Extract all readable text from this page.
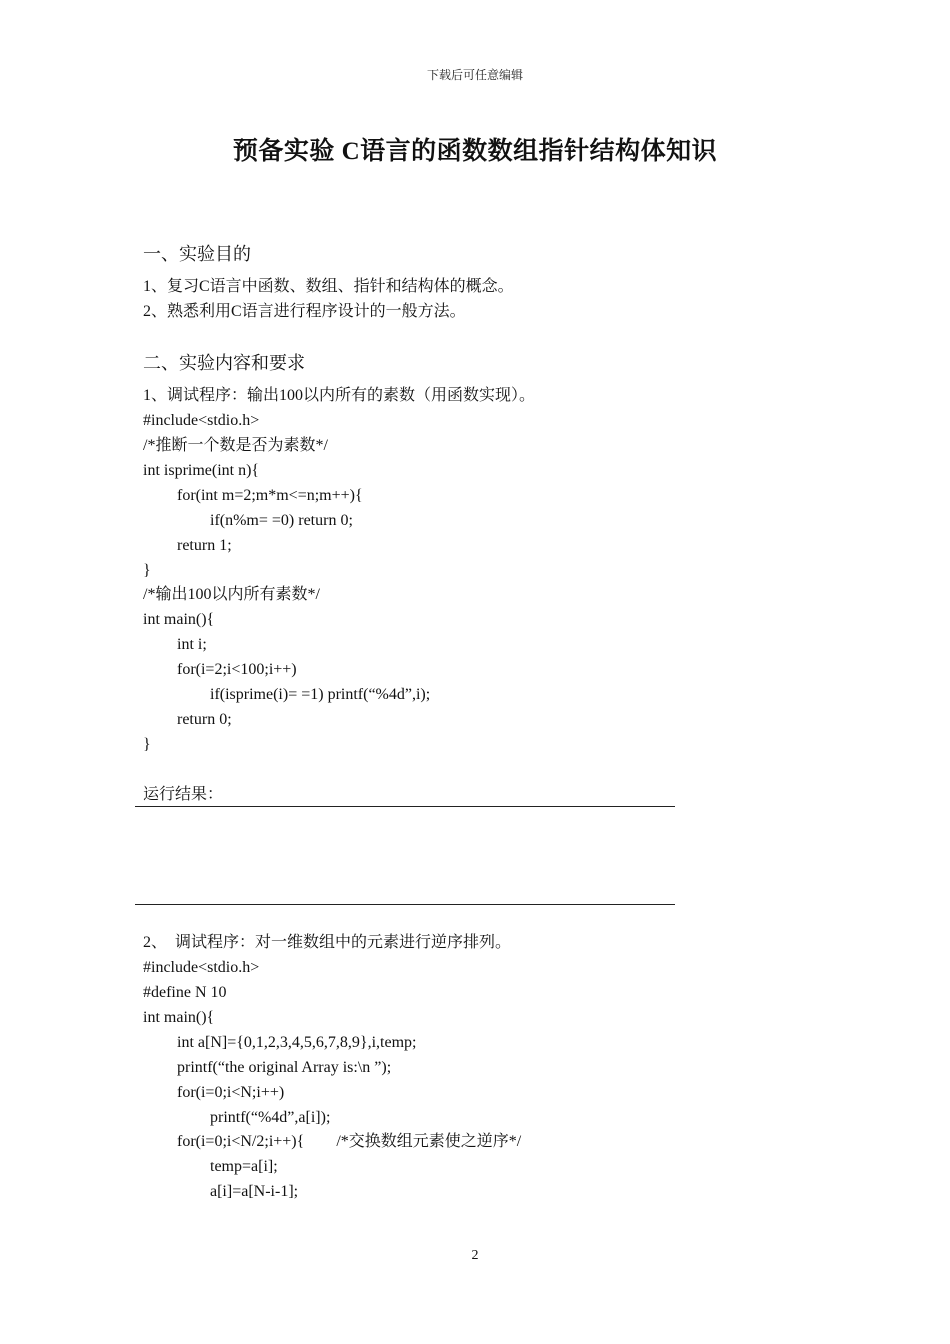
下载后可任意编辑
预备实验 C语言的函数数组指针结构体知识
一、实验目的
1、复习C语言中函数、数组、指针和结构体的概念。
2、熟悉利用C语言进行程序设计的一般方法。
二、实验内容和要求
1、调试程序：输出100以内所有的素数（用函数实现）。
#include<stdio.h>
/*推断一个数是否为素数*/
int isprime(int n){
for(int m=2;m*m<=n;m++){
if(n%m= =0) return 0;
return 1;
}
/*输出100以内所有素数*/
int main(){
int i;
for(i=2;i<100;i++)
if(isprime(i)= =1) printf(“%4d”,i);
return 0;
}
运行结果：
2、  调试程序：对一维数组中的元素进行逆序排列。
#include<stdio.h>
#define N 10
int main(){
int a[N]={0,1,2,3,4,5,6,7,8,9},i,temp;
printf(“the original Array is:\n ”);
for(i=0;i<N;i++)
printf(“%4d”,a[i]);
for(i=0;i<N/2;i++){        /*交换数组元素使之逆序*/
temp=a[i];
a[i]=a[N-i-1];
2
